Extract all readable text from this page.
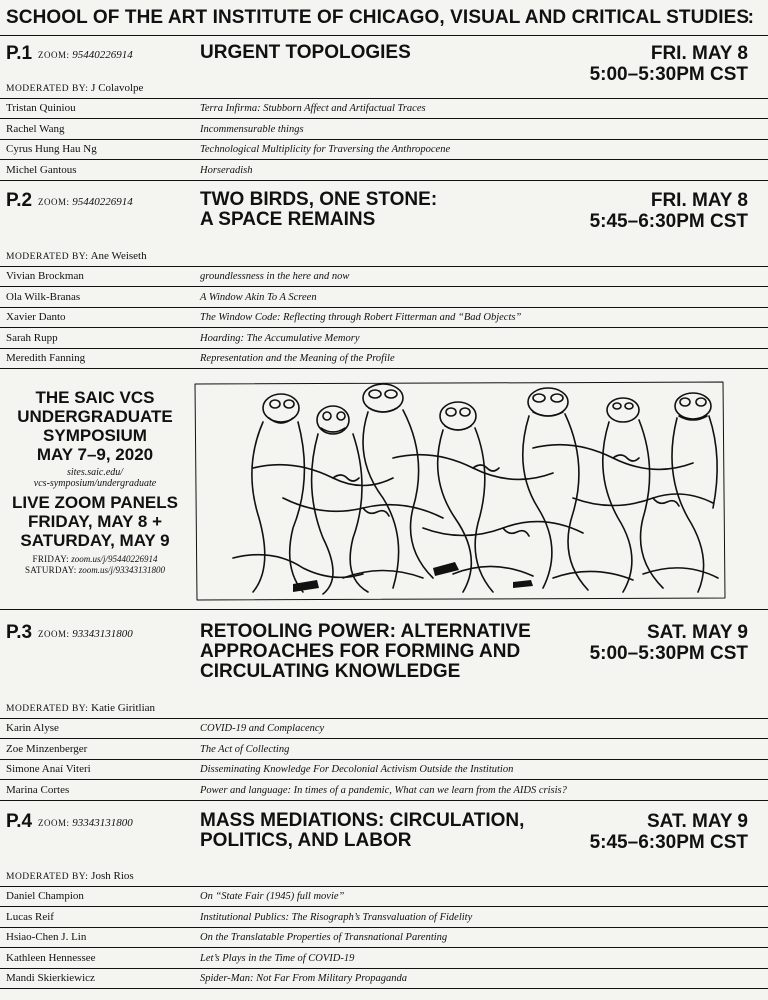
SCHOOL OF THE ART INSTITUTE OF CHICAGO, VISUAL AND CRITICAL STUDIES
:
P.1 ZOOM: 95440226914	URGENT TOPOLOGIES	FRI. MAY 8
5:00–5:30PM CST
MODERATED BY: J Colavolpe
Tristan Quiniou	Terra Infirma: Stubborn Affect and Artifactual Traces
Rachel Wang	Incommensurable things
Cyrus Hung Hau Ng	Technological Multiplicity for Traversing the Anthropocene
Michel Gantous	Horseradish
P.2 ZOOM: 95440226914	TWO BIRDS, ONE STONE:
A SPACE REMAINS
FRI. MAY 8
5:45–6:30PM CST
MODERATED BY: Ane Weiseth
Vivian Brockman	groundlessness in the here and now
Ola Wilk-Branas	A Window Akin To A Screen
Xavier Danto	The Window Code: Reflecting through Robert Fitterman and “Bad Objects”
Sarah Rupp	Hoarding: The Accumulative Memory
Meredith Fanning	Representation and the Meaning of the Profile
P.3 ZOOM: 93343131800	RETOOLING POWER: ALTERNATIVE
APPROACHES FOR FORMING AND
CIRCULATING KNOWLEDGE
SAT. MAY 9
5:00–5:30PM CST
MODERATED BY: Katie Giritlian
Karin Alyse	COVID-19 and Complacency
Zoe Minzenberger	The Act of Collecting
Simone Anaí Viteri	Disseminating Knowledge For Decolonial Activism Outside the Institution
Marina Cortes	Power and language: In times of a pandemic, What can we learn from the AIDS crisis?
P.4 ZOOM: 93343131800	MASS MEDIATIONS: CIRCULATION,
POLITICS, AND LABOR
SAT. MAY 9
5:45–6:30PM CST
MODERATED BY: Josh Rios
Daniel Champion	On “State Fair (1945) full movie”
Lucas Reif	Institutional Publics: The Risograph’s Transvaluation of Fidelity
Hsiao-Chen J. Lin	On the Translatable Properties of Transnational Parenting
Kathleen Hennessee	Let’s Plays in the Time of COVID-19
Mandi Skierkiewicz	Spider-Man: Not Far From Military Propaganda
THE SAIC VCS
UNDERGRADUATE
SYMPOSIUM
MAY 7–9, 2020
sites.saic.edu/
vcs-symposium/undergraduate
LIVE ZOOM PANELS
FRIDAY, MAY 8 +
SATURDAY, MAY 9
FRIDAY: zoom.us/j/95440226914
SATURDAY: zoom.us/j/93343131800
